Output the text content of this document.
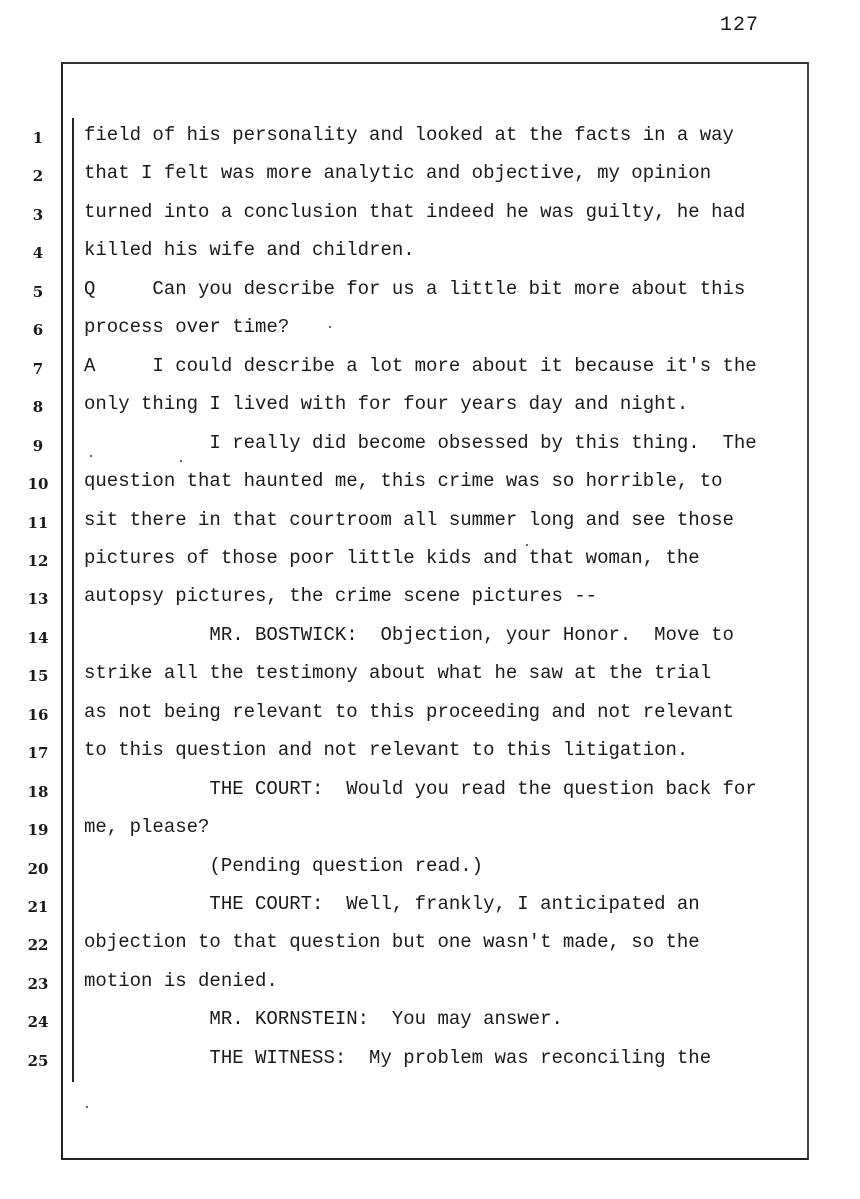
127
1	field of his personality and looked at the facts in a way
2	that I felt was more analytic and objective, my opinion
3	turned into a conclusion that indeed he was guilty, he had
4	killed his wife and children.
5	Q     Can you describe for us a little bit more about this
6	process over time?
7	A     I could describe a lot more about it because it's the
8	only thing I lived with for four years day and night.
9	I really did become obsessed by this thing.  The
10	question that haunted me, this crime was so horrible, to
11	sit there in that courtroom all summer long and see those
12	pictures of those poor little kids and that woman, the
13	autopsy pictures, the crime scene pictures --
14	MR. BOSTWICK:  Objection, your Honor.  Move to
15	strike all the testimony about what he saw at the trial
16	as not being relevant to this proceeding and not relevant
17	to this question and not relevant to this litigation.
18	THE COURT:  Would you read the question back for
19	me, please?
20	(Pending question read.)
21	THE COURT:  Well, frankly, I anticipated an
22	objection to that question but one wasn't made, so the
23	motion is denied.
24	MR. KORNSTEIN:  You may answer.
25	THE WITNESS:  My problem was reconciling the
